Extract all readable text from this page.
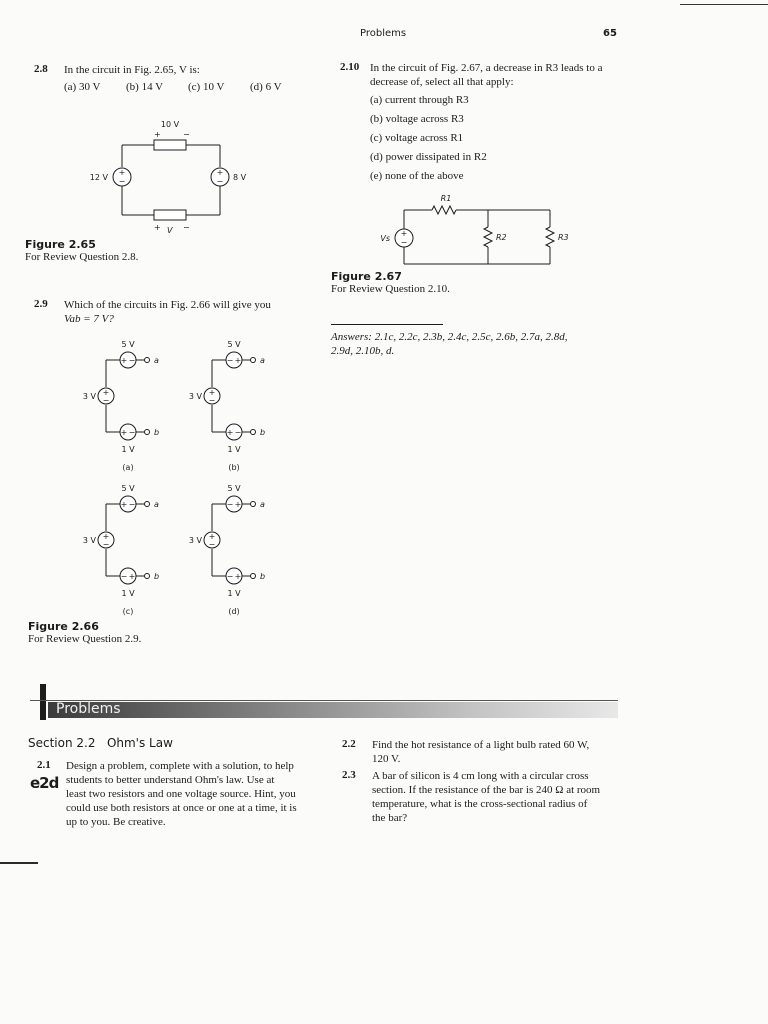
Problems	65
2.8 In the circuit in Fig. 2.65, V is:
(a) 30 V (b) 14 V (c) 10 V (d) 6 V
+
−
+
−
10 V
+	−
12 V	8 V
+ V −
Figure 2.65
For Review Question 2.8.
2.9 Which of the circuits in Fig. 2.66 will give you
Vab = 7 V?
+ −
+ −
+
−
5 V
3 V
1 V
(a)
a
b
− +
+ −
+
−
5 V
3 V
1 V
(b)
a
b
+ −
− +
+
−
5 V
3 V
1 V
(c)
a
b
− +
− +
+
−
5 V
3 V
1 V
(d)
a
b
Figure 2.66
For Review Question 2.9.
2.10 In the circuit of Fig. 2.67, a decrease in R3 leads to a
decrease of, select all that apply:
(a) current through R3
(b) voltage across R3
(c) voltage across R1
(d) power dissipated in R2
(e) none of the above
+
−
R1
R2	R3
Vs
Figure 2.67
For Review Question 2.10.
Answers: 2.1c, 2.2c, 2.3b, 2.4c, 2.5c, 2.6b, 2.7a, 2.8d,
2.9d, 2.10b, d.
Problems
Section 2.2 Ohm's Law
2.1
e2d
Design a problem, complete with a solution, to help
students to better understand Ohm's law. Use at
least two resistors and one voltage source. Hint, you
could use both resistors at once or one at a time, it is
up to you. Be creative.
2.2 Find the hot resistance of a light bulb rated 60 W,
120 V.
2.3 A bar of silicon is 4 cm long with a circular cross
section. If the resistance of the bar is 240 Ω at room
temperature, what is the cross-sectional radius of
the bar?
